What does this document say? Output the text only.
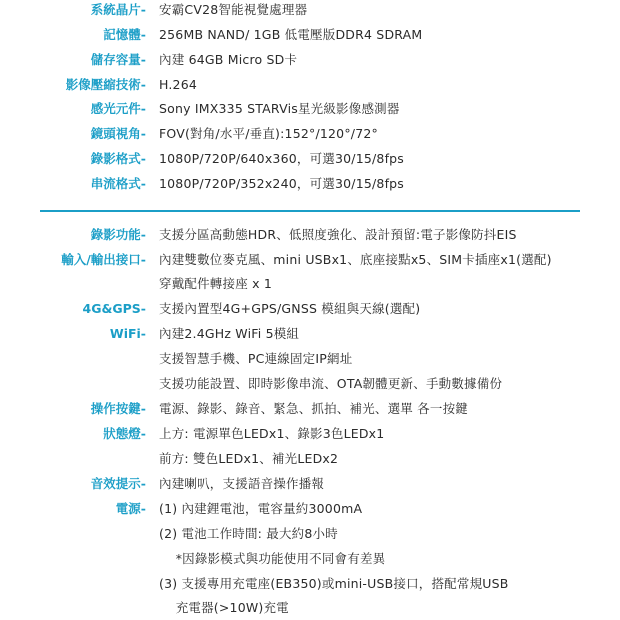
系統晶片- 安霸CV28智能視覺處理器
記憶體- 256MB NAND/ 1GB 低電壓版DDR4 SDRAM
儲存容量- 內建 64GB Micro SD卡
影像壓縮技術- H.264
感光元件- Sony IMX335 STARVis星光級影像感測器
鏡頭視角- FOV(對角/水平/垂直):152°/120°/72°
錄影格式- 1080P/720P/640x360，可選30/15/8fps
串流格式- 1080P/720P/352x240，可選30/15/8fps
錄影功能- 支援分區高動態HDR、低照度強化、設計預留:電子影像防抖EIS
輸入/輸出接口- 內建雙數位麥克風、mini USBx1、底座接點x5、SIM卡插座x1(選配)
穿戴配件轉接座 x 1
4G&GPS- 支援內置型4G+GPS/GNSS 模組與天線(選配)
WiFi- 內建2.4GHz WiFi 5模組
支援智慧手機、PC連線固定IP網址
支援功能設置、即時影像串流、OTA韌體更新、手動數據備份
操作按鍵- 電源、錄影、錄音、緊急、抓拍、補光、選單 各一按鍵
狀態燈- 上方: 電源單色LEDx1、錄影3色LEDx1
前方: 雙色LEDx1、補光LEDx2
音效提示- 內建喇叭，支援語音操作播報
電源- (1) 內建鋰電池，電容量約3000mA
(2) 電池工作時間: 最大約8小時
*因錄影模式與功能使用不同會有差異
(3) 支援專用充電座(EB350)或mini-USB接口，搭配常規USB
充電器(>10W)充電
